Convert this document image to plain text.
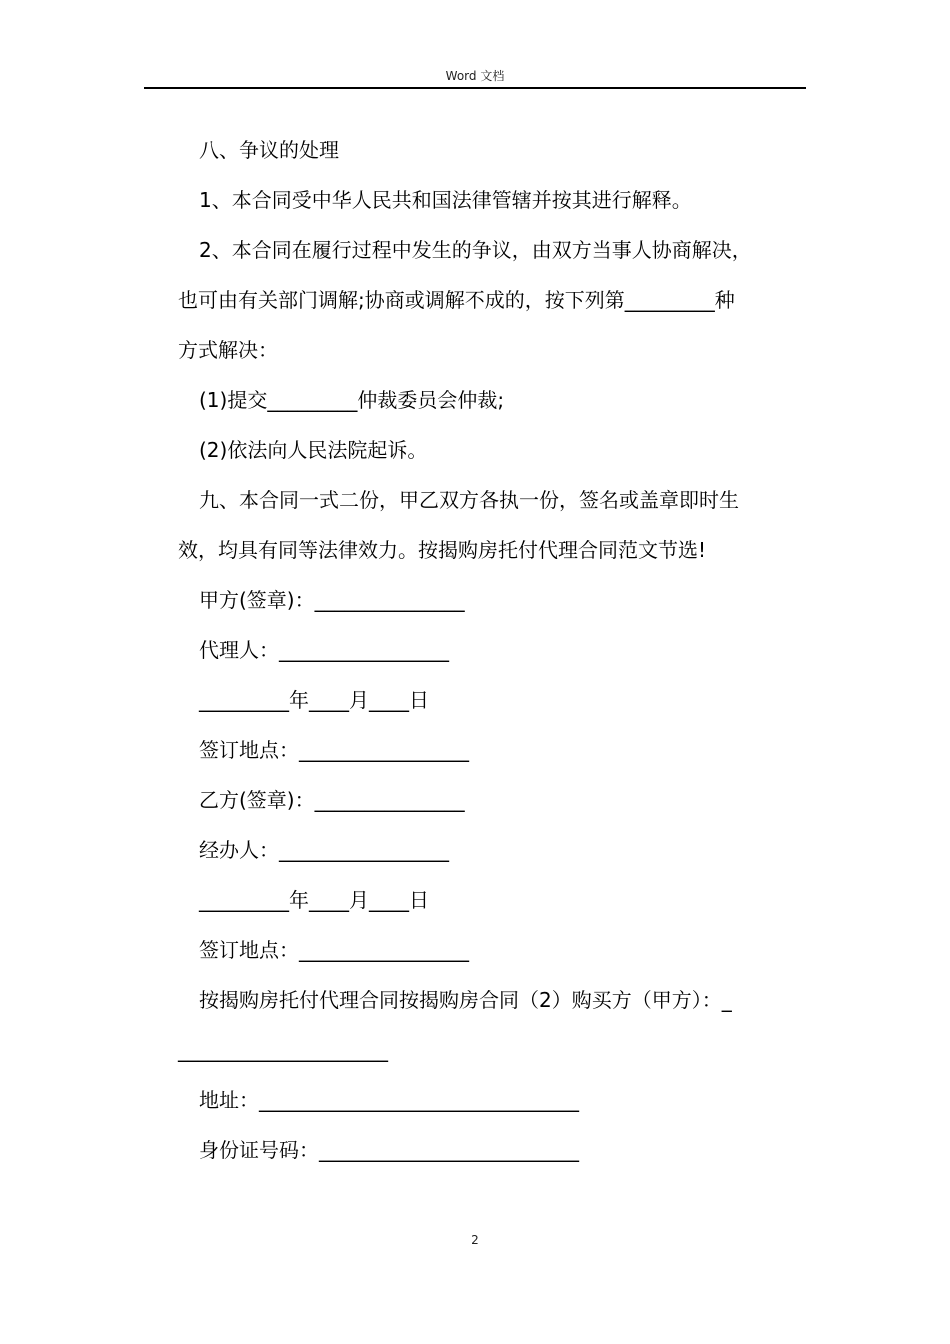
Word 文档
八、争议的处理
1、本合同受中华人民共和国法律管辖并按其进行解释。
2、本合同在履行过程中发生的争议，由双方当事人协商解决，
也可由有关部门调解;协商或调解不成的，按下列第_________种
方式解决：
(1)提交_________仲裁委员会仲裁;
(2)依法向人民法院起诉。
九、本合同一式二份，甲乙双方各执一份，签名或盖章即时生
效，均具有同等法律效力。按揭购房托付代理合同范文节选!
甲方(签章)：_______________
代理人：_________________
_________年____月____日
签订地点：_________________
乙方(签章)：_______________
经办人：_________________
_________年____月____日
签订地点：_________________
按揭购房托付代理合同按揭购房合同（2）购买方（甲方）：_
_____________________
地址：________________________________
身份证号码：__________________________
2
